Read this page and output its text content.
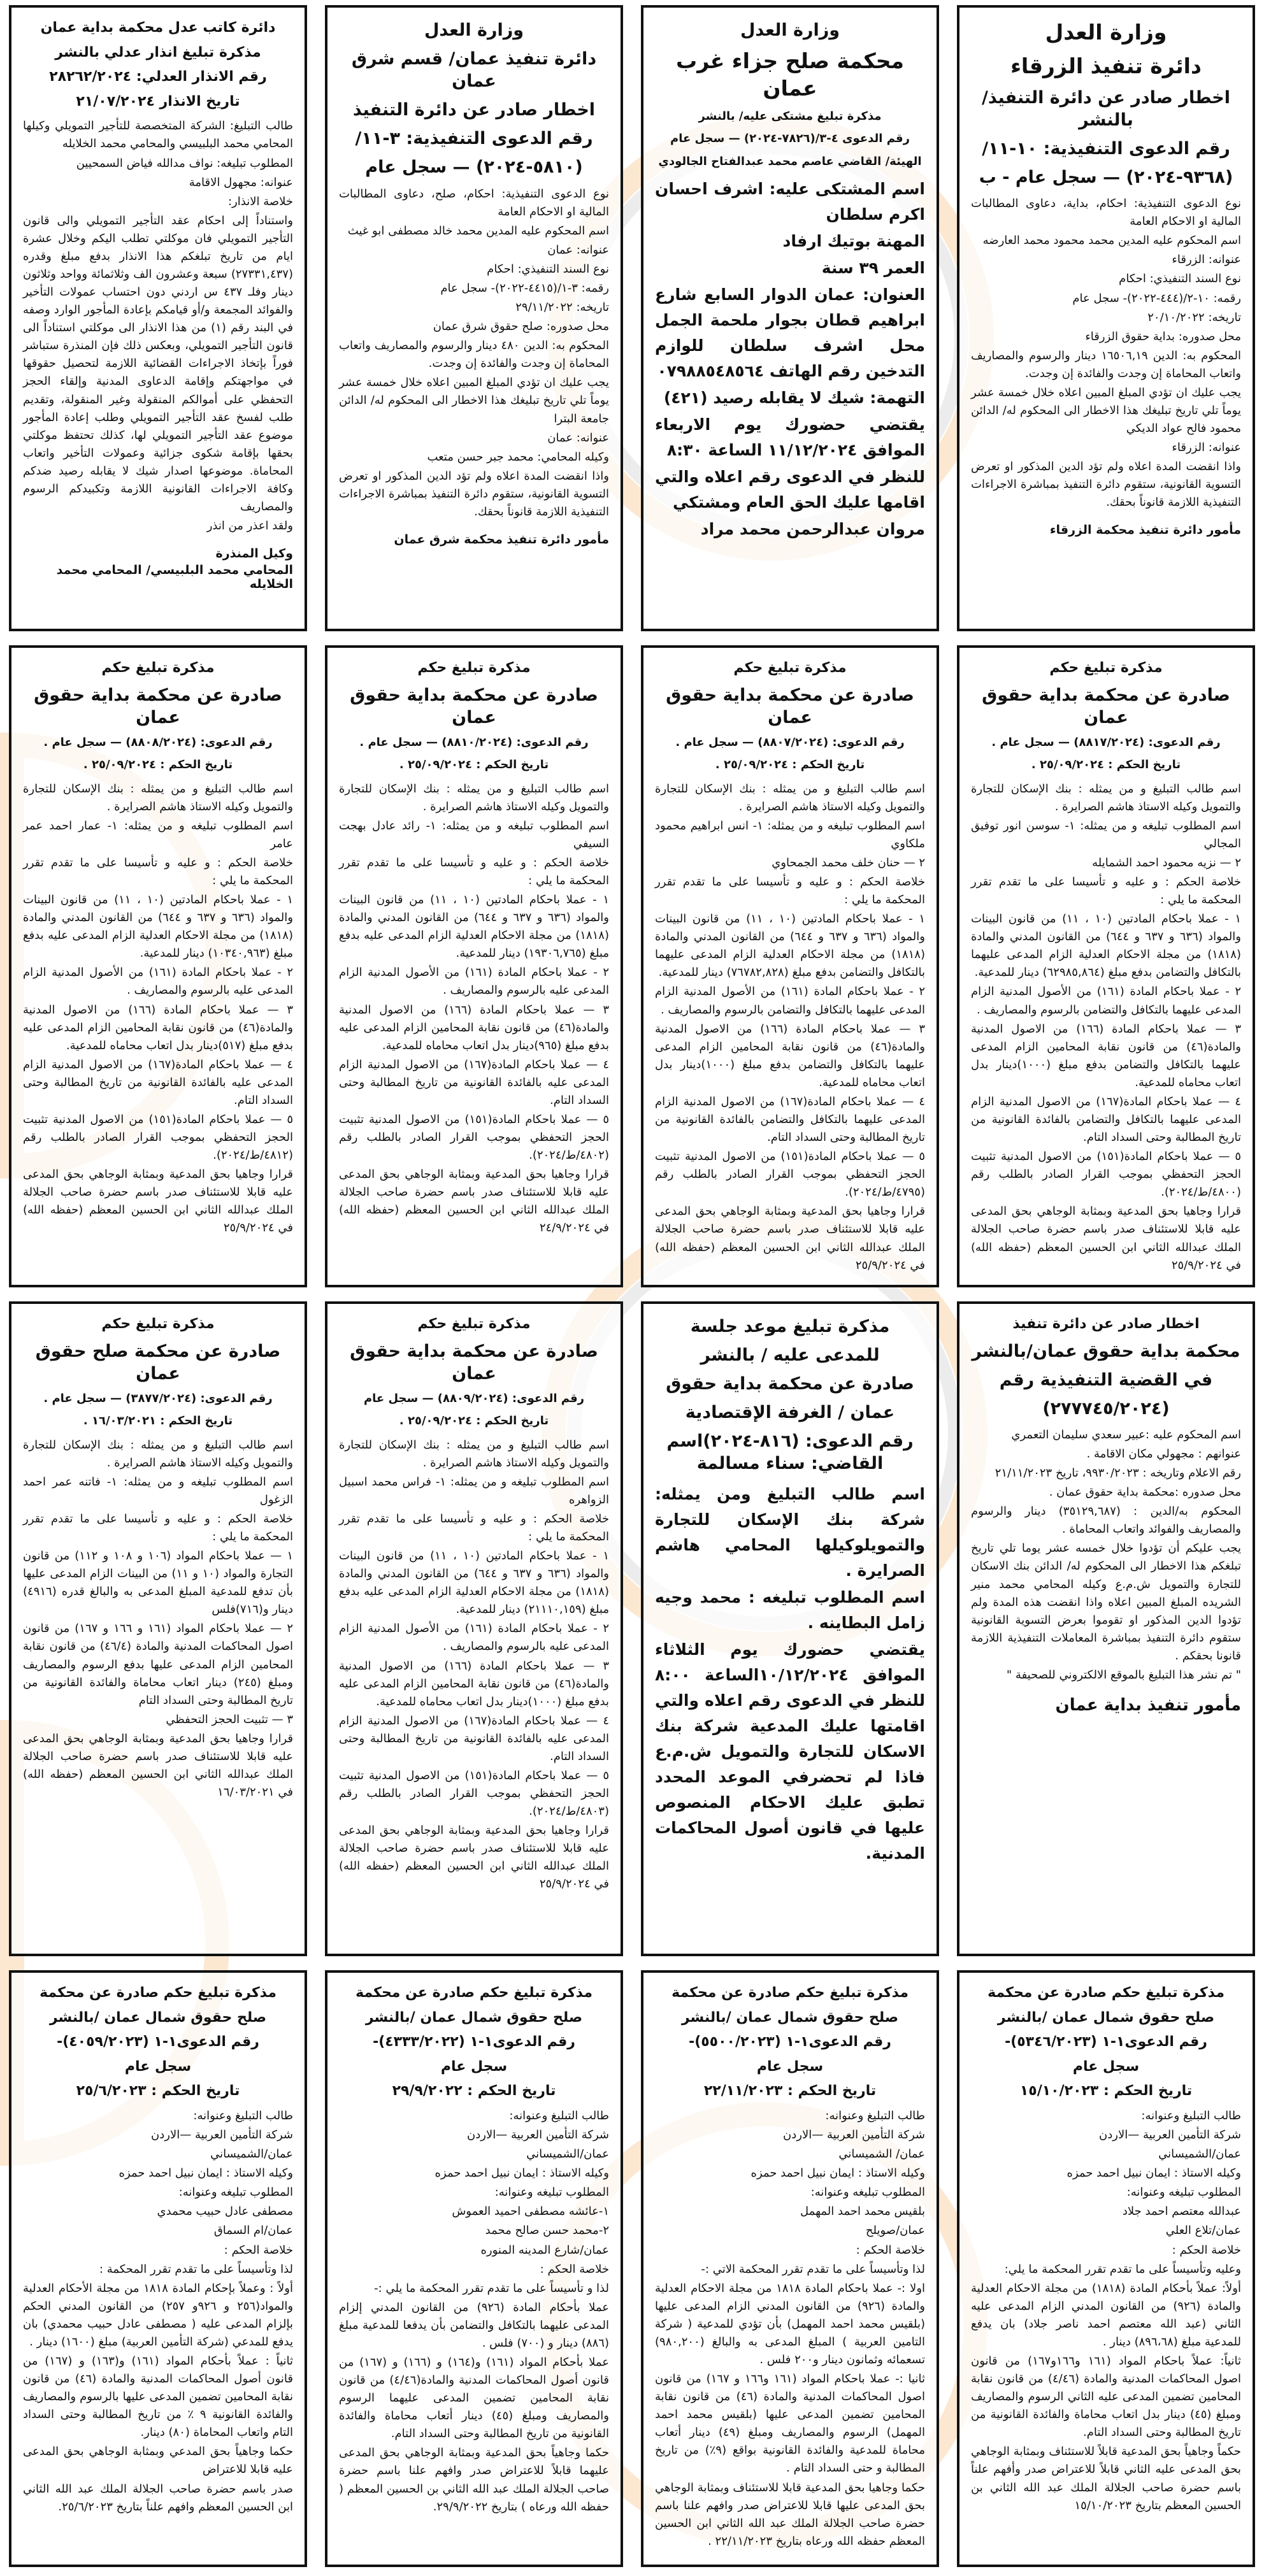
وزارة العدل
دائرة تنفيذ الزرقاء
اخطار صادر عن دائرة التنفيذ/ بالنشر
رقم الدعوى التنفيذية: ١٠-١١/
(٩٣٦٨-٢٠٢٤) — سجل عام - ب

نوع الدعوى التنفيذية: احكام، بداية، دعاوى المطالبات المالية او الاحكام العامة

اسم المحكوم عليه المدين محمد محمود محمد العارضه

عنوانه: الزرقاء

نوع السند التنفيذي: احكام

رقمه: ١٠-٢/(٤٤٤-٢٠٢٢)- سجل عام

تاريخه: ٢٠/١٠/٢٠٢٢

محل صدوره: بداية حقوق الزرقاء

المحكوم به: الدين ١٦٥٠٦,١٩ دينار والرسوم والمصاريف واتعاب المحاماة إن وجدت والفائدة إن وجدت.

يجب عليك ان تؤدي المبلغ المبين اعلاه خلال خمسة عشر يوماً تلي تاريخ تبليغك هذا الاخطار الى المحكوم له/ الدائن محمود فالح عواد الديكي

عنوانه: الزرقاء

واذا انقضت المدة اعلاه ولم تؤد الدين المذكور او تعرض التسوية القانونية، ستقوم دائرة التنفيذ بمباشرة الاجراءات التنفيذية اللازمة قانوناً بحقك.

مأمور دائرة تنفيذ محكمة الزرقاء
وزارة العدل
محكمة صلح جزاء غرب عمان
مذكرة تبليغ مشتكى عليه/ بالنشر
رقم الدعوى ٤-٣/(٧٨٢٦-٢٠٢٤) — سجل عام
الهيئة/ القاضي عاصم محمد عبدالفتاح الجالودي

اسم المشتكى عليه: اشرف احسان اكرم سلطان

المهنة بوتيك ارفاد

العمر ٣٩ سنة

العنوان: عمان الدوار السابع شارع ابراهيم قطان بجوار ملحمة الجمل محل اشرف سلطان للوازم التدخين رقم الهاتف ٠٧٩٨٨٥٤٨٥٦٤

التهمة: شيك لا يقابله رصيد (٤٢١)

يقتضي حضورك يوم الاربعاء الموافق ١١/١٢/٢٠٢٤ الساعة ٨:٣٠

للنظر في الدعوى رقم اعلاه والتي اقامها عليك الحق العام ومشتكي

مروان عبدالرحمن محمد مراد

وزارة العدل
دائرة تنفيذ عمان/ قسم شرق عمان
اخطار صادر عن دائرة التنفيذ
رقم الدعوى التنفيذية: ٣-١١/
(٥٨١٠-٢٠٢٤) — سجل عام

نوع الدعوى التنفيذية: احكام، صلح، دعاوى المطالبات المالية او الاحكام العامة

اسم المحكوم عليه المدين محمد خالد مصطفى ابو غيث

عنوانه: عمان

نوع السند التنفيذي: احكام

رقمه: ٣-١/(٤٤١٥-٢٠٢٢)- سجل عام

تاريخه: ٢٩/١١/٢٠٢٢

محل صدوره: صلح حقوق شرق عمان

المحكوم به: الدين ٤٨٠ دينار والرسوم والمصاريف واتعاب المحاماة إن وجدت والفائدة إن وجدت.

يجب عليك ان تؤدي المبلغ المبين اعلاه خلال خمسة عشر يوماً تلي تاريخ تبليغك هذا الاخطار الى المحكوم له/ الدائن جامعة البترا

عنوانه: عمان

وكيله المحامي: محمد جبر حسن متعب

واذا انقضت المدة اعلاه ولم تؤد الدين المذكور او تعرض التسوية القانونية، ستقوم دائرة التنفيذ بمباشرة الاجراءات التنفيذية اللازمة قانوناً بحقك.

مأمور دائرة تنفيذ محكمة شرق عمان
دائرة كاتب عدل محكمة بداية عمان
مذكرة تبليغ انذار عدلي بالنشر
رقم الانذار العدلي: ٢٨٢٦٢/٢٠٢٤
تاريخ الانذار ٢١/٠٧/٢٠٢٤

طالب التبليغ: الشركة المتخصصة للتأجير التمويلي وكيلها المحامي محمد البلبيسي والمحامي محمد الخلايله

المطلوب تبليغه: نواف مدالله فياض السمحيين

عنوانه: مجهول الاقامة

خلاصة الانذار:

واستناداً إلى احكام عقد التأجير التمويلي والى قانون التأجير التمويلي فان موكلتي تطلب اليكم وخلال عشرة ايام من تاريخ تبلغكم هذا الانذار بدفع مبلغ وقدره (٢٧٣٣١,٤٣٧) سبعة وعشرون الف وثلاثمائة وواحد وثلاثون دينار وفلـ ٤٣٧ س اردني دون احتساب عمولات التأخير والفوائد المجمعة و/أو قيامكم بإعادة المأجور الوارد وصفه في البند رقم (١) من هذا الانذار الى موكلتي استناداً الى قانون التأجير التمويلي، وبعكس ذلك فإن المنذرة ستباشر فوراً بإتخاذ الاجراءات القضائية اللازمة لتحصيل حقوقها في مواجهتكم وإقامة الدعاوى المدنية وإلقاء الحجز التحفظي على أموالكم المنقولة وغير المنقولة، وتقديم طلب لفسخ عقد التأجير التمويلي وطلب إعادة المأجور موضوع عقد التأجير التمويلي لها، كذلك تحتفظ موكلتي بحقها بإقامة شكوى جزائية وعمولات التأخير واتعاب المحاماة. موضوعها اصدار شيك لا يقابله رصيد ضدكم وكافة الاجراءات القانونية اللازمة وتكبيدكم الرسوم والمصاريف

ولقد اعذر من انذر

وكيل المنذرة
المحامي محمد البلبيسي/ المحامي محمد الخلايله
مذكرة تبليغ حكم
صادرة عن محكمة بداية حقوق عمان
رقم الدعوى: (٨٨١٧/٢٠٢٤) — سجل عام .
تاريخ الحكم : ٢٥/٠٩/٢٠٢٤ .

اسم طالب التبليغ و من يمثله : بنك الإسكان للتجارة والتمويل وكيله الاستاذ هاشم الصرايرة .

اسم المطلوب تبليغه و من يمثله: ١- سوسن انور توفيق المجالي

٢ — نزيه محمود احمد الشمايله

خلاصة الحكم : و عليه و تأسيسا على ما تقدم تقرر المحكمة ما يلي :

١ - عملا باحكام المادتين (١٠ ، ١١) من قانون البينات والمواد (٦٣٦ و ٦٣٧ و ٦٤٤) من القانون المدني والمادة (١٨١٨) من مجلة الاحكام العدلية الزام المدعى عليهما بالتكافل والتضامن بدفع مبلغ (٦٢٩٨٥,٨٦٤) دينار للمدعية.

٢ - عملا باحكام المادة (١٦١) من الأصول المدنية الزام المدعى عليهما بالتكافل والتضامن بالرسوم والمصاريف .

٣ — عملا باحكام المادة (١٦٦) من الاصول المدنية والمادة(٤٦) من قانون نقابة المحامين الزام المدعى عليهما بالتكافل والتضامن بدفع مبلغ (١٠٠٠)دينار بدل اتعاب محاماه للمدعية.

٤ — عملا باحكام المادة(١٦٧) من الاصول المدنية الزام المدعى عليهما بالتكافل والتضامن بالفائدة القانونية من تاريخ المطالبة وحتى السداد التام.

٥ — عملا باحكام المادة(١٥١) من الاصول المدنية تثبيت الحجز التحفظي بموجب القرار الصادر بالطلب رقم (٤٨٠٠/ط/٢٠٢٤).

قرارا وجاهيا بحق المدعية وبمثابة الوجاهي بحق المدعى عليه قابلا للاستئناف صدر باسم حضرة صاحب الجلالة الملك عبدالله الثاني ابن الحسين المعظم (حفظه الله) في ٢٥/٩/٢٠٢٤

مذكرة تبليغ حكم
صادرة عن محكمة بداية حقوق عمان
رقم الدعوى: (٨٨٠٧/٢٠٢٤) — سجل عام .
تاريخ الحكم : ٢٥/٠٩/٢٠٢٤ .

اسم طالب التبليغ و من يمثله : بنك الإسكان للتجارة والتمويل وكيله الاستاذ هاشم الصرايرة .

اسم المطلوب تبليغه و من يمثله: ١- انس ابراهيم محمود ملكاوي

٢ — حنان خلف محمد الجمحاوي

خلاصة الحكم : و عليه و تأسيسا على ما تقدم تقرر المحكمة ما يلي :

١ - عملا باحكام المادتين (١٠ ، ١١) من قانون البينات والمواد (٦٣٦ و ٦٣٧ و ٦٤٤) من القانون المدني والمادة (١٨١٨) من مجلة الاحكام العدلية الزام المدعى عليهما بالتكافل والتضامن بدفع مبلغ (٧٦٧٨٢,٨٢٨) دينار للمدعية.

٢ - عملا باحكام المادة (١٦١) من الأصول المدنية الزام المدعى عليهما بالتكافل والتضامن بالرسوم والمصاريف .

٣ — عملا باحكام المادة (١٦٦) من الاصول المدنية والمادة(٤٦) من قانون نقابة المحامين الزام المدعى عليهما بالتكافل والتضامن بدفع مبلغ (١٠٠٠)دينار بدل اتعاب محاماه للمدعية.

٤ — عملا باحكام المادة(١٦٧) من الاصول المدنية الزام المدعى عليهما بالتكافل والتضامن بالفائدة القانونية من تاريخ المطالبة وحتى السداد التام.

٥ — عملا باحكام المادة(١٥١) من الاصول المدنية تثبيت الحجز التحفظي بموجب القرار الصادر بالطلب رقم (٤٧٩٥/ط/٢٠٢٤).

قرارا وجاهيا بحق المدعية وبمثابة الوجاهي بحق المدعى عليه قابلا للاستئناف صدر باسم حضرة صاحب الجلالة الملك عبدالله الثاني ابن الحسين المعظم (حفظه الله) في ٢٥/٩/٢٠٢٤

مذكرة تبليغ حكم
صادرة عن محكمة بداية حقوق عمان
رقم الدعوى: (٨٨١٠/٢٠٢٤) — سجل عام .
تاريخ الحكم : ٢٥/٠٩/٢٠٢٤ .

اسم طالب التبليغ و من يمثله : بنك الإسكان للتجارة والتمويل وكيله الاستاذ هاشم الصرايرة .

اسم المطلوب تبليغه و من يمثله: ١- رائد عادل بهجت السيفي

خلاصة الحكم : و عليه و تأسيسا على ما تقدم تقرر المحكمة ما يلي :

١ - عملا باحكام المادتين (١٠ ، ١١) من قانون البينات والمواد (٦٣٦ و ٦٣٧ و ٦٤٤) من القانون المدني والمادة (١٨١٨) من مجلة الاحكام العدلية الزام المدعى عليه بدفع مبلغ (١٩٣٠٦,٧٦٥) دينار للمدعية.

٢ - عملا باحكام المادة (١٦١) من الأصول المدنية الزام المدعى عليه بالرسوم والمصاريف .

٣ — عملا باحكام المادة (١٦٦) من الاصول المدنية والمادة(٤٦) من قانون نقابة المحامين الزام المدعى عليه بدفع مبلغ (٩٦٥)دينار بدل اتعاب محاماه للمدعية.

٤ — عملا باحكام المادة(١٦٧) من الاصول المدنية الزام المدعى عليه بالفائدة القانونية من تاريخ المطالبة وحتى السداد التام.

٥ — عملا باحكام المادة(١٥١) من الاصول المدنية تثبيت الحجز التحفظي بموجب القرار الصادر بالطلب رقم (٤٨٠٢/ط/٢٠٢٤).

قرارا وجاهيا بحق المدعية وبمثابة الوجاهي بحق المدعى عليه قابلا للاستئناف صدر باسم حضرة صاحب الجلالة الملك عبدالله الثاني ابن الحسين المعظم (حفظه الله) في ٢٤/٩/٢٠٢٤

مذكرة تبليغ حكم
صادرة عن محكمة بداية حقوق عمان
رقم الدعوى: (٨٨٠٨/٢٠٢٤) — سجل عام .
تاريخ الحكم : ٢٥/٠٩/٢٠٢٤ .

اسم طالب التبليغ و من يمثله : بنك الإسكان للتجارة والتمويل وكيله الاستاذ هاشم الصرايرة .

اسم المطلوب تبليغه و من يمثله: ١- عمار احمد عمر عامر

خلاصة الحكم : و عليه و تأسيسا على ما تقدم تقرر المحكمة ما يلي :

١ - عملا باحكام المادتين (١٠ ، ١١) من قانون البينات والمواد (٦٣٦ و ٦٣٧ و ٦٤٤) من القانون المدني والمادة (١٨١٨) من مجلة الاحكام العدلية الزام المدعى عليه بدفع مبلغ (١٠٣٤٠,٩٦٣) دينار للمدعية.

٢ - عملا باحكام المادة (١٦١) من الأصول المدنية الزام المدعى عليه بالرسوم والمصاريف .

٣ — عملا باحكام المادة (١٦٦) من الاصول المدنية والمادة(٤٦) من قانون نقابة المحامين الزام المدعى عليه بدفع مبلغ (٥١٧)دينار بدل اتعاب محاماه للمدعية.

٤ — عملا باحكام المادة(١٦٧) من الاصول المدنية الزام المدعى عليه بالفائدة القانونية من تاريخ المطالبة وحتى السداد التام.

٥ — عملا باحكام المادة(١٥١) من الاصول المدنية تثبيت الحجز التحفظي بموجب القرار الصادر بالطلب رقم (٤٨١٢/ط/٢٠٢٤).

قرارا وجاهيا بحق المدعية وبمثابة الوجاهي بحق المدعى عليه قابلا للاستئناف صدر باسم حضرة صاحب الجلالة الملك عبدالله الثاني ابن الحسين المعظم (حفظه الله) في ٢٥/٩/٢٠٢٤

اخطار صادر عن دائرة تنفيذ
محكمة بداية حقوق عمان/بالنشر
في القضية التنفيذية رقم
(٢٧٧٧٤٥/٢٠٢٤)

اسم المحكوم عليه :عبير سعدي سليمان التعمري

عنوانهم : مجهولي مكان الاقامة .

رقم الاعلام وتاريخه : ٩٩٣٠/٢٠٢٣، تاريخ ٢١/١١/٢٠٢٣

محل صدوره :محكمة بداية حقوق عمان .

المحكوم به/الدين : (٣٥١٢٩,٦٨٧) دينار والرسوم والمصاريف والفوائد واتعاب المحاماة .

يجب عليكم أن تؤدوا خلال خمسه عشر يوما تلي تاريخ تبلغكم هذا الاخطار الى المحكوم له/ الدائن بنك الاسكان للتجارة والتمويل ش.م.ع وكيله المحامي محمد منير الشريده المبلغ المبين اعلاه واذا انقضت هذه المدة ولم تؤدوا الدين المذكور او تقوموا بعرض التسوية القانونية ستقوم دائرة التنفيذ بمباشرة المعاملات التنفيذية اللازمة قانونا بحقكم .

" تم نشر هذا التبليغ بالموقع الالكتروني للصحيفة "

مأمور تنفيذ بداية عمان
مذكرة تبليغ موعد جلسة
للمدعى عليه / بالنشر
صادرة عن محكمة بداية حقوق
عمان / الغرفة الإقتصادية
رقم الدعوى: (٨١٦-٢٠٢٤)اسم القاضي: سناء مسالمة

اسم طالب التبليغ ومن يمثله: شركة بنك الإسكان للتجارة والتمويلوكيلها المحامي هاشم الصرايرة .

اسم المطلوب تبليغه : محمد وجيه زامل البطاينه .

يقتضي حضورك يوم الثلاثاء الموافق ١٠/١٢/٢٠٢٤الساعة ٨:٠٠ للنظر في الدعوى رقم اعلاه والتي اقامتها عليك المدعية شركة بنك الاسكان للتجارة والتمويل ش.م.ع فاذا لم تحضرفي الموعد المحدد تطبق عليك الاحكام المنصوص عليها في قانون أصول المحاكمات المدنية.

مذكرة تبليغ حكم
صادرة عن محكمة بداية حقوق عمان
رقم الدعوى: (٨٨٠٩/٢٠٢٤) — سجل عام
تاريخ الحكم : ٢٥/٠٩/٢٠٢٤ .

اسم طالب التبليغ و من يمثله : بنك الإسكان للتجارة والتمويل وكيله الاستاذ هاشم الصرايرة .

اسم المطلوب تبليغه و من يمثله: ١- فراس محمد اسبيل الزواهره

خلاصة الحكم : و عليه و تأسيسا على ما تقدم تقرر المحكمة ما يلي :

١ - عملا باحكام المادتين (١٠ ، ١١) من قانون البينات والمواد (٦٣٦ و ٦٣٧ و ٦٤٤) من القانون المدني والمادة (١٨١٨) من مجلة الاحكام العدلية الزام المدعى عليه بدفع مبلغ (٢١١١٠,١٥٩) دينار للمدعية.

٢ - عملا باحكام المادة (١٦١) من الأصول المدنية الزام المدعى عليه بالرسوم والمصاريف .

٣ — عملا باحكام المادة (١٦٦) من الاصول المدنية والمادة(٤٦) من قانون نقابة المحامين الزام المدعى عليه بدفع مبلغ (١٠٠٠)دينار بدل اتعاب محاماه للمدعية.

٤ — عملا باحكام المادة(١٦٧) من الاصول المدنية الزام المدعى عليه بالفائدة القانونية من تاريخ المطالبة وحتى السداد التام.

٥ — عملا باحكام المادة(١٥١) من الاصول المدنية تثبيت الحجز التحفظي بموجب القرار الصادر بالطلب رقم (٤٨٠٣/ط/٢٠٢٤).

قرارا وجاهيا بحق المدعية وبمثابة الوجاهي بحق المدعى عليه قابلا للاستئناف صدر باسم حضرة صاحب الجلالة الملك عبدالله الثاني ابن الحسين المعظم (حفظه الله) في ٢٥/٩/٢٠٢٤

مذكرة تبليغ حكم
صادرة عن محكمة صلح حقوق عمان
رقم الدعوى: (٣٨٧٧/٢٠٢٤) — سجل عام .
تاريخ الحكم : ١٦/٠٣/٢٠٢١ .

اسم طالب التبليغ و من يمثله : بنك الإسكان للتجارة والتمويل وكيله الاستاذ هاشم الصرايرة .

اسم المطلوب تبليغه و من يمثله: ١- فاتنه عمر احمد الزغول

خلاصة الحكم : و عليه و تأسيسا على ما تقدم تقرر المحكمة ما يلي :

١ — عملا باحكام المواد (١٠٦ و ١٠٨ و ١١٢) من قانون التجارة والمواد (١٠ و ١١) من البينات الزام المدعى عليها بأن تدفع للمدعية المبلغ المدعى به والبالغ قدره (٤٩١٦) دينار و(٧١٦)فلس

٢ — عملا باحكام المواد (١٦١ و ١٦٦ و ١٦٧) من قانون اصول المحاكمات المدنية والمادة (٤٦/٤) من قانون نقابة المحامين الزام المدعى عليها بدفع الرسوم والمصاريف ومبلغ (٢٤٥) دينار اتعاب محاماة والفائدة القانونية من تاريخ المطالبة وحتى السداد التام

٣ — تثبيت الحجز التحفظي

قرارا وجاهيا بحق المدعية وبمثابة الوجاهي بحق المدعى عليه قابلا للاستئناف صدر باسم حضرة صاحب الجلالة الملك عبدالله الثاني ابن الحسين المعظم (حفظه الله) في ١٦/٠٣/٢٠٢١

مذكرة تبليغ حكم صادرة عن محكمة
صلح حقوق شمال عمان /بالنشر
رقم الدعوى١-١ (٥٣٤٦/٢٠٢٣)-
سجل عام
تاريخ الحكم : ١٥/١٠/٢٠٢٣

طالب التبليغ وعنوانه:

شركة التأمين العربية —الاردن

عمان/الشميساني

وكيله الاستاذ : ايمان نبيل احمد حمزه

المطلوب تبليغه وعنوانه:

عبدالله معتصم احمد جلاد

عمان/تلاع العلي

خلاصة الحكم :

وعليه وتأسيساً على ما تقدم تقرر المحكمة ما يلي:

أولاً: عملاً بأحكام المادة (١٨١٨) من مجلة الاحكام العدلية والمادة (٩٢٦) من القانون المدني الزام المدعى عليه الثاني (عبد الله معتصم احمد ناصر جلاد) بان يدفع للمدعية مبلغ (٨٩٦،٦٨) دينار .

ثانياً: عملاً باحكام المواد (١٦١ و١٦٦و١٦٧) من قانون اصول المحاكمات المدنية والمادة (٤/٤٦) من قانون نقابة المحامين تضمين المدعى عليه الثاني الرسوم والمصاريف ومبلغ (٤٥) دينار بدل اتعاب محاماة والفائدة القانونية من تاريخ المطالبة وحتى السداد التام.

حكماً وجاهياً بحق المدعية قابلاً للاستئناف وبمثابة الوجاهي بحق المدعى عليه الثاني قابلاً للاعتراض صدر وأفهم علناً باسم حضرة صاحب الجلالة الملك عبد الله الثاني بن الحسين المعظم بتاريخ ١٥/١٠/٢٠٢٣

مذكرة تبليغ حكم صادرة عن محكمة
صلح حقوق شمال عمان /بالنشر
رقم الدعوى١-١ (٥٥٠٠/٢٠٢٣)-
سجل عام
تاريخ الحكم : ٢٢/١١/٢٠٢٣

طالب التبليغ وعنوانه:

شركة التأمين العربية —الاردن

عمان/ الشميساني

وكيله الاستاذ : ايمان نبيل احمد حمزه

المطلوب تبليغه وعنوانه:

بلقيس محمد احمد المهمل

عمان/صويلح

خلاصة الحكم :

لذا وتأسيساً على ما تقدم تقرر المحكمة الاتي :-

اولا :- عملا باحكام المادة ١٨١٨ من مجلة الاحكام العدلية والمادة (٩٢٦) من القانون المدني الزام المدعى عليها (بلقيس محمد احمد المهمل) بأن تؤدي للمدعية ( شركة التامين العربية ) المبلغ المدعى به والبالغ (٩٨٠,٢٠٠) تسعمائه وثمانون دينار و٢٠٠ فلس .

ثانيا :- عملا باحكام المواد (١٦١ و١٦٦ و ١٦٧) من قانون اصول المحاكمات المدنية والمادة (٤٦) من قانون نقابة المحامين تضمين المدعى عليها (بلقيس محمد احمد المهمل) الرسوم والمصاريف ومبلغ (٤٩) دينار أتعاب محاماة للمدعية والفائدة القانونية بواقع (٩٪) من تاريخ المطالبة و حتى السداد التام .

حكما وجاهيا بحق المدعية قابلا للاستئناف وبمثابة الوجاهي بحق المدعى عليها قابلا للاعتراض صدر وافهم علنا باسم حضرة صاحب الجلالة الملك عبد الله الثاني ابن الحسين المعظم حفظه الله ورعاه بتاريخ ٢٢/١١/٢٠٢٣ .

مذكرة تبليغ حكم صادرة عن محكمة
صلح حقوق شمال عمان /بالنشر
رقم الدعوى١-١ (٤٣٣٣/٢٠٢٢)-
سجل عام
تاريخ الحكم : ٢٩/٩/٢٠٢٢

طالب التبليغ وعنوانه:

شركة التأمين العربية —الاردن

عمان/الشميساني

وكيله الاستاذ : ايمان نبيل احمد حمزه

المطلوب تبليغه وعنوانه:

١-عائشه مصطفى احميد العموش

٢-محمد حسن صالح محمد

عمان/شارع المدينه المنوره

خلاصة الحكم :

لذا و تأسيساً على ما تقدم تقرر المحكمة ما يلي :-

عملا بأحكام المادة (٩٢٦) من القانون المدني إلزام المدعى عليهما بالتكافل والتضامن بأن يدفعا للمدعية مبلغ (٨٨٦) دينار و (٧٠٠) فلس .

عملا بأحكام المواد (١٦١) و(١٦٤) و (١٦٦) و (١٦٧) من قانون أصول المحاكمات المدنية والمادة(٤/٤٦) من قانون نقابة المحامين تضمين المدعى عليهما الرسوم والمصاريف ومبلغ (٤٥) دينار أتعاب محاماة والفائدة القانونية من تاريخ المطالبة وحتى السداد التام.

حكما وجاهياً بحق المدعية وبمثابة الوجاهي بحق المدعى عليهما قابلاً للاعتراض صدر وافهم علنا باسم حضرة صاحب الجلالة الملك عبد الله الثاني بن الحسين المعظم ( حفظه الله ورعاه ) بتاريخ ٢٩/٩/٢٠٢٢.

مذكرة تبليغ حكم صادرة عن محكمة
صلح حقوق شمال عمان /بالنشر
رقم الدعوى١-١ (٤٠٥٩/٢٠٢٣)-
سجل عام
تاريخ الحكم : ٢٥/٦/٢٠٢٣

طالب التبليغ وعنوانه:

شركة التأمين العربية —الاردن

عمان/الشميساني

وكيله الاستاذ : ايمان نبيل احمد حمزه

المطلوب تبليغه وعنوانه:

مصطفى عادل حبيب محمدي

عمان/ام السماق

خلاصة الحكم :

لذا وتأسيساً على ما تقدم تقرر المحكمة :

أولاً : وعملاً بإحكام المادة ١٨١٨ من مجلة الأحكام العدلية والمواد(٢٥٦ و ٩٢٦و ٢٥٧) من القانون المدني الحكم بإلزام المدعى عليه ( مصطفى عادل حبيب محمدي) بان يدفع للمدعي (شركة التأمين العربية) مبلغ (١٦٠٠) دينار .

ثانياً : عملاً بأحكام المواد (١٦١) و(١٦٣) و (١٦٧) من قانون أصول المحاكمات المدنية والمادة (٤٦) من قانون نقابة المحامين تضمين المدعى عليها بالرسوم والمصاريف والفائدة القانونية ٩ ٪ من تاريخ المطالبة وحتى السداد التام واتعاب المحاماة (٨٠) دينار.

حكما وجاهياً بحق المدعي وبمثابة الوجاهي بحق المدعى عليه قابلا للاعتراض

صدر باسم حضرة صاحب الجلالة الملك عبد الله الثاني ابن الحسين المعظم وافهم علناً بتاريخ ٢٥/٦/٢٠٢٣.
